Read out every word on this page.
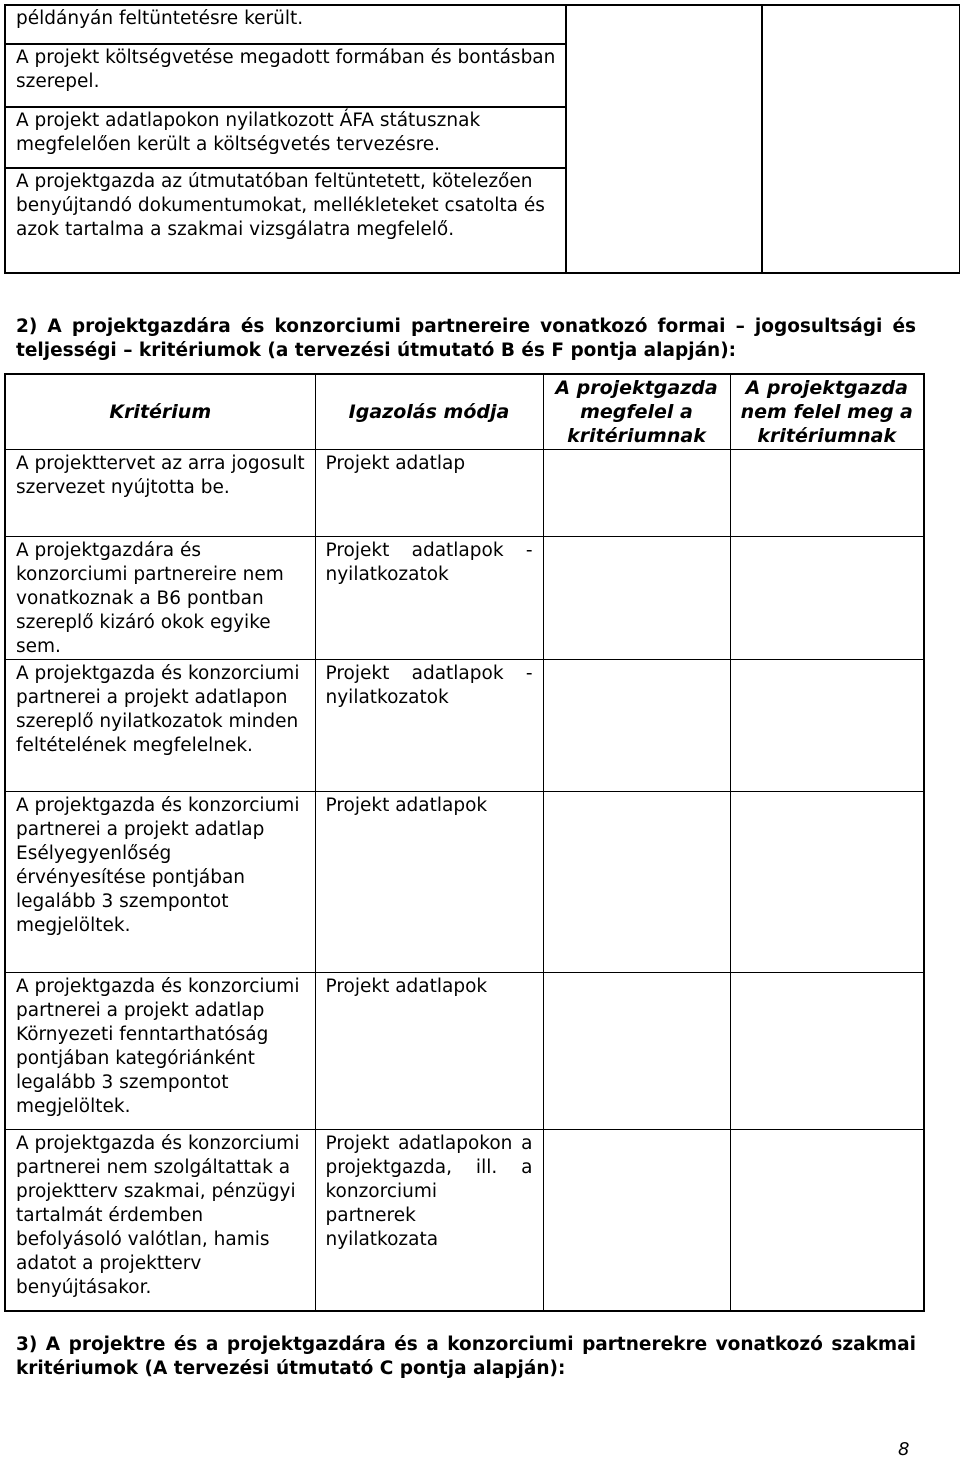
példányán feltüntetésre került.		
A projekt költségvetése megadott formában és bontásban szerepel.
A projekt adatlapokon nyilatkozott ÁFA státusznak megfelelően került a költségvetés tervezésre.
A projektgazda az útmutatóban feltüntetett, kötelezően benyújtandó dokumentumokat, mellékleteket csatolta és azok tartalma a szakmai vizsgálatra megfelelő.
2) A projektgazdára és konzorciumi partnereire vonatkozó formai – jogosultsági és teljességi – kritériumok (a tervezési útmutató B és F pontja alapján):
Kritérium	Igazolás módja	A projektgazda megfelel a kritériumnak	A projektgazda nem felel meg a kritériumnak
A projekttervet az arra jogosult szervezet nyújtotta be.	Projekt adatlap		
A projektgazdára és konzorciumi partnereire nem vonatkoznak a B6 pontban szereplő kizáró okok egyike sem.	Projekt adatlapok - nyilatkozatok		
A projektgazda és konzorciumi partnerei a projekt adatlapon szereplő nyilatkozatok minden feltételének megfelelnek.	Projekt adatlapok - nyilatkozatok		
A projektgazda és konzorciumi partnerei a projekt adatlap Esélyegyenlőség érvényesítése pontjában legalább 3 szempontot megjelöltek.	Projekt adatlapok		
A projektgazda és konzorciumi partnerei a projekt adatlap Környezeti fenntarthatóság pontjában kategóriánként legalább 3 szempontot megjelöltek.	Projekt adatlapok		
A projektgazda és konzorciumi partnerei nem szolgáltattak a projektterv szakmai, pénzügyi tartalmát érdemben befolyásoló valótlan, hamis adatot a projektterv benyújtásakor.	Projekt adatlapokon a projektgazda, ill. a konzorciumi partnerek nyilatkozata		
3) A projektre és a projektgazdára és a konzorciumi partnerekre vonatkozó szakmai kritériumok (A tervezési útmutató C pontja alapján):
8
